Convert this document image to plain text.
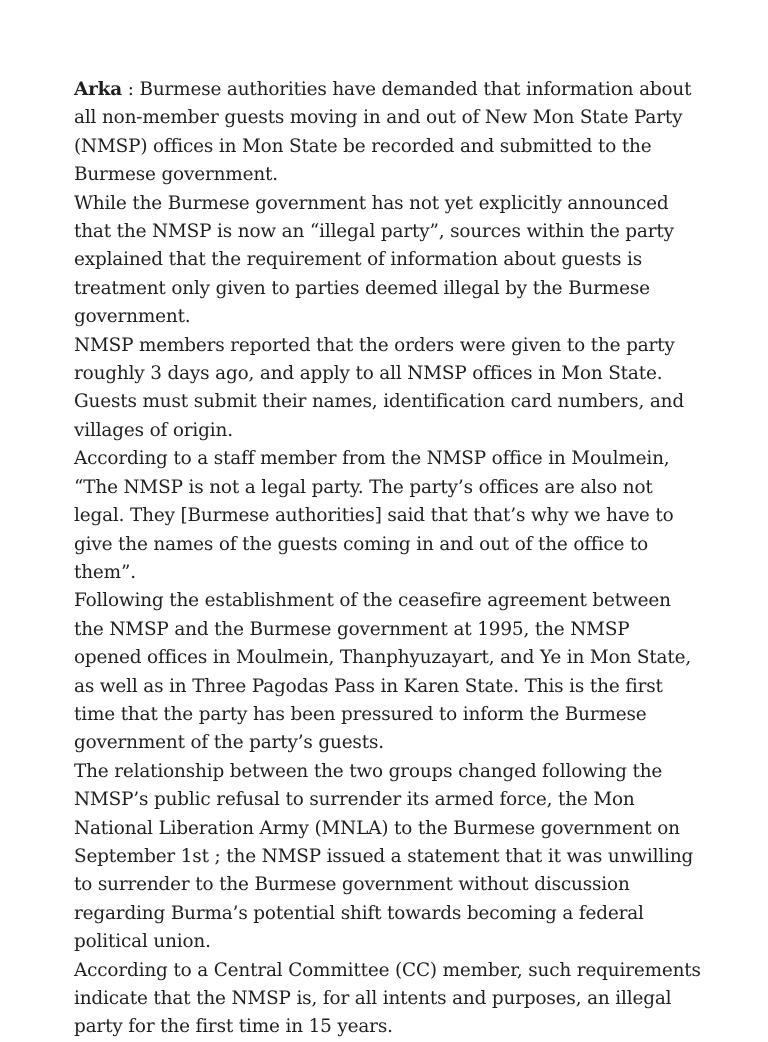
Arka : Burmese authorities have demanded that information about all non-member guests moving in and out of New Mon State Party (NMSP) offices in Mon State be recorded and submitted to the Burmese government.

While the Burmese government has not yet explicitly announced that the NMSP is now an “illegal party”, sources within the party explained that the requirement of information about guests is treatment only given to parties deemed illegal by the Burmese government.

NMSP members reported that the orders were given to the party roughly 3 days ago, and apply to all NMSP offices in Mon State. Guests must submit their names, identification card numbers, and villages of origin.

According to a staff member from the NMSP office in Moulmein, “The NMSP is not a legal party. The party’s offices are also not legal. They [Burmese authorities] said that that’s why we have to give the names of the guests coming in and out of the office to them”.

Following the establishment of the ceasefire agreement between the NMSP and the Burmese government at 1995, the NMSP opened offices in Moulmein, Thanphyuzayart, and Ye in Mon State, as well as in Three Pagodas Pass in Karen State. This is the first time that the party has been pressured to inform the Burmese government of the party’s guests.

The relationship between the two groups changed following the NMSP’s public refusal to surrender its armed force, the Mon National Liberation Army (MNLA) to the Burmese government on September 1st ; the NMSP issued a statement that it was unwilling to surrender to the Burmese government without discussion regarding Burma’s potential shift towards becoming a federal political union.

According to a Central Committee (CC) member, such requirements indicate that the NMSP is, for all intents and purposes, an illegal party for the first time in 15 years.
